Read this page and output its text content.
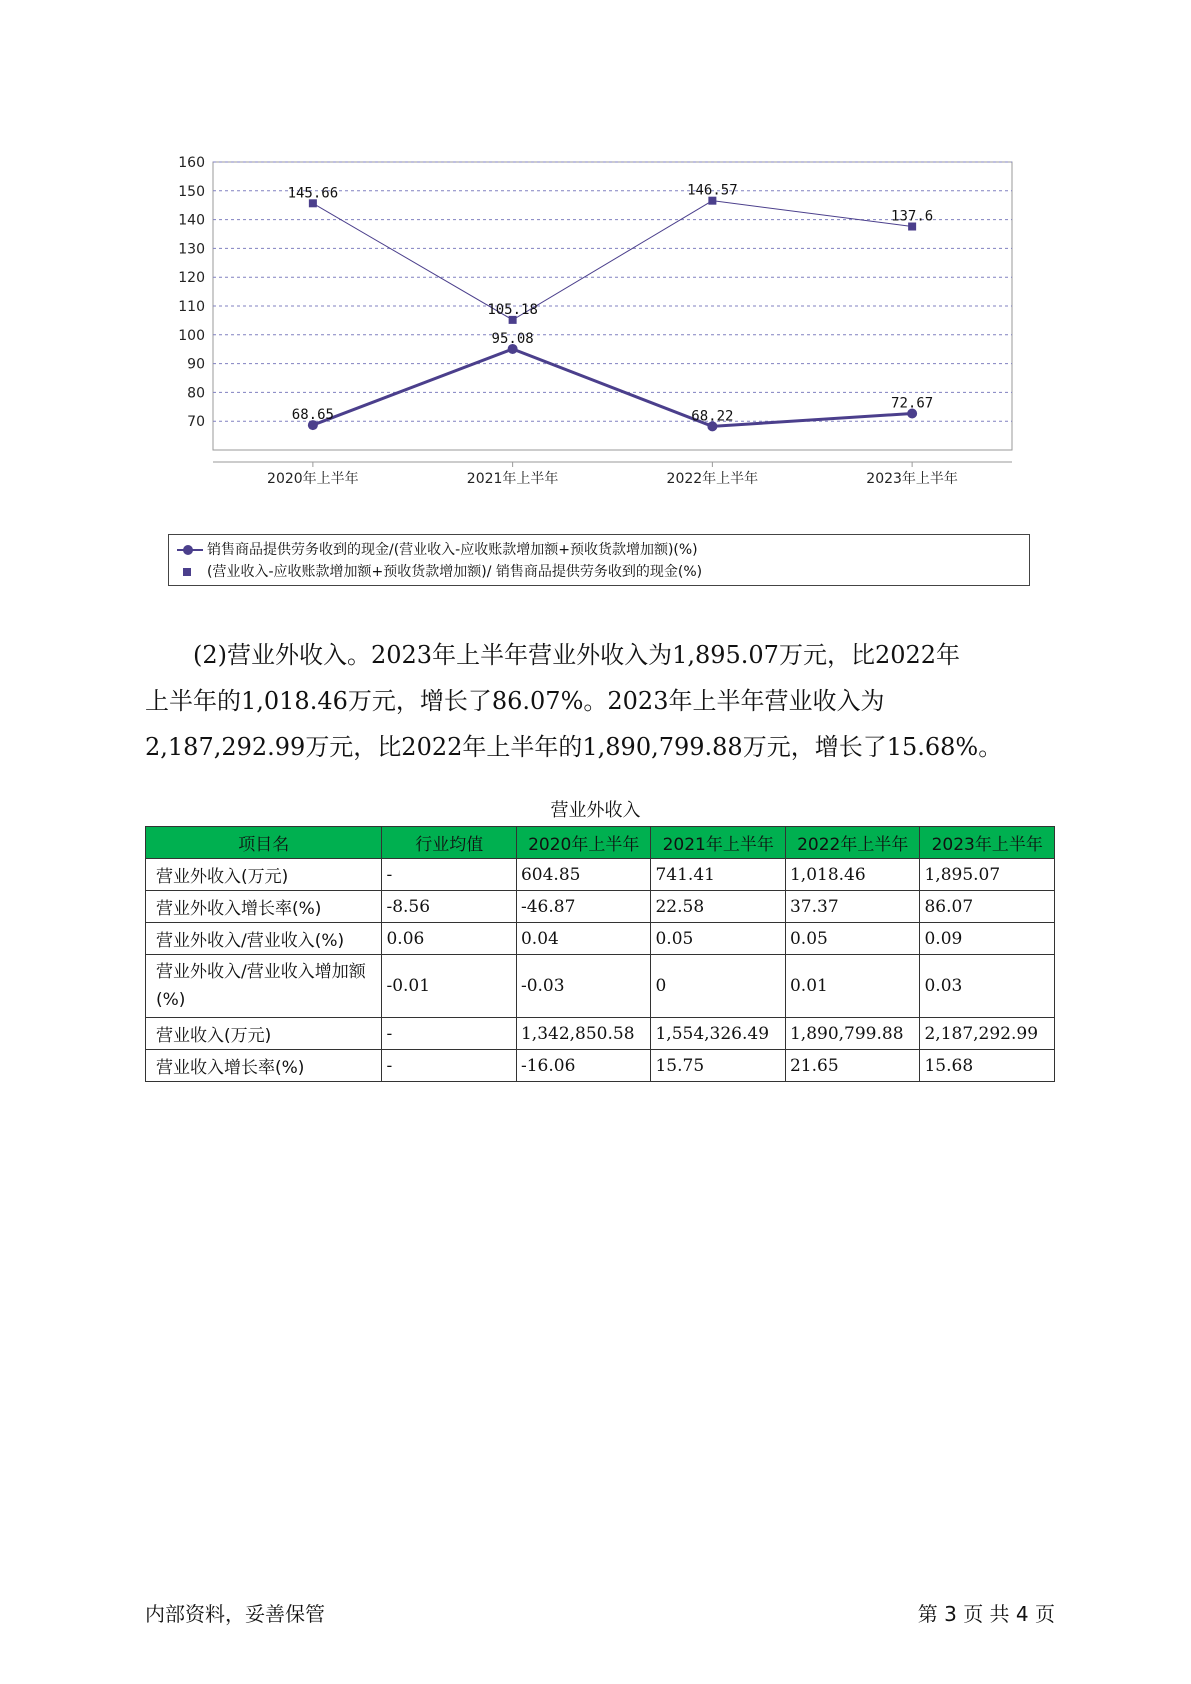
70
80
90
100
110
120
130
140
150
160
2020年上半年	2021年上半年	2022年上半年	2023年上半年
68.65
95.08
68.22
72.67
145.66
105.18
146.57
137.6
销售商品提供劳务收到的现金/(营业收入-应收账款增加额+预收货款增加额)(%)
(营业收入-应收账款增加额+预收货款增加额)/ 销售商品提供劳务收到的现金(%)

(2)营业外收入。2023年上半年营业外收入为1,895.07万元，比2022年
上半年的1,018.46万元，增长了86.07%。2023年上半年营业收入为
2,187,292.99万元，比2022年上半年的1,890,799.88万元，增长了15.68%。

营业外收入
项目名	行业均值	2020年上半年	2021年上半年	2022年上半年	2023年上半年
营业外收入(万元)	-	604.85	741.41	1,018.46	1,895.07
营业外收入增长率(%)	-8.56	-46.87	22.58	37.37	86.07
营业外收入/营业收入(%)	0.06	0.04	0.05	0.05	0.09
营业外收入/营业收入增加额(%)	-0.01	-0.03	0	0.01	0.03
营业收入(万元)	-	1,342,850.58	1,554,326.49	1,890,799.88	2,187,292.99
营业收入增长率(%)	-	-16.06	15.75	21.65	15.68
内部资料，妥善保管	第 3 页 共 4 页
